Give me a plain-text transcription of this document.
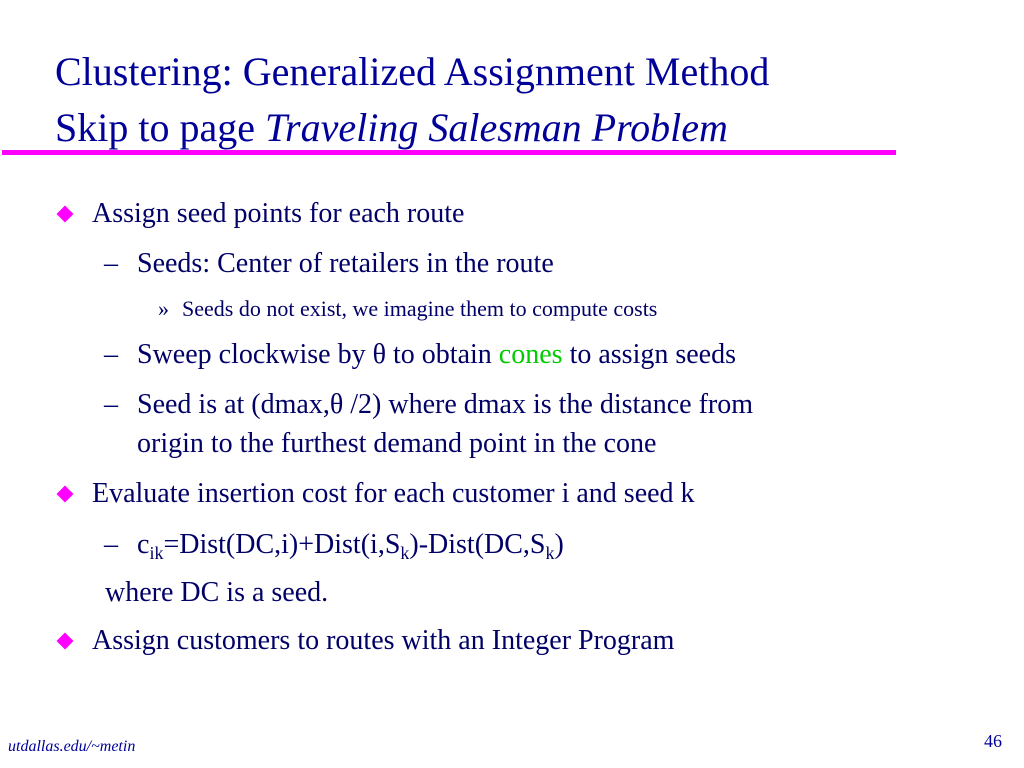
Clustering: Generalized Assignment Method
Skip to page Traveling Salesman Problem
Assign seed points for each route
– Seeds: Center of retailers in the route
» Seeds do not exist, we imagine them to compute costs
– Sweep clockwise by θ to obtain cones to assign seeds
– Seed is at (dmax,θ /2) where dmax is the distance from
origin to the furthest demand point in the cone
Evaluate insertion cost for each customer i and seed k
– $c_{ik}=Dist(DC,i)+Dist(i,S_k)-Dist(DC,S_k)$
where DC is a seed.
Assign customers to routes with an Integer Program
utdallas.edu/~metin	46
